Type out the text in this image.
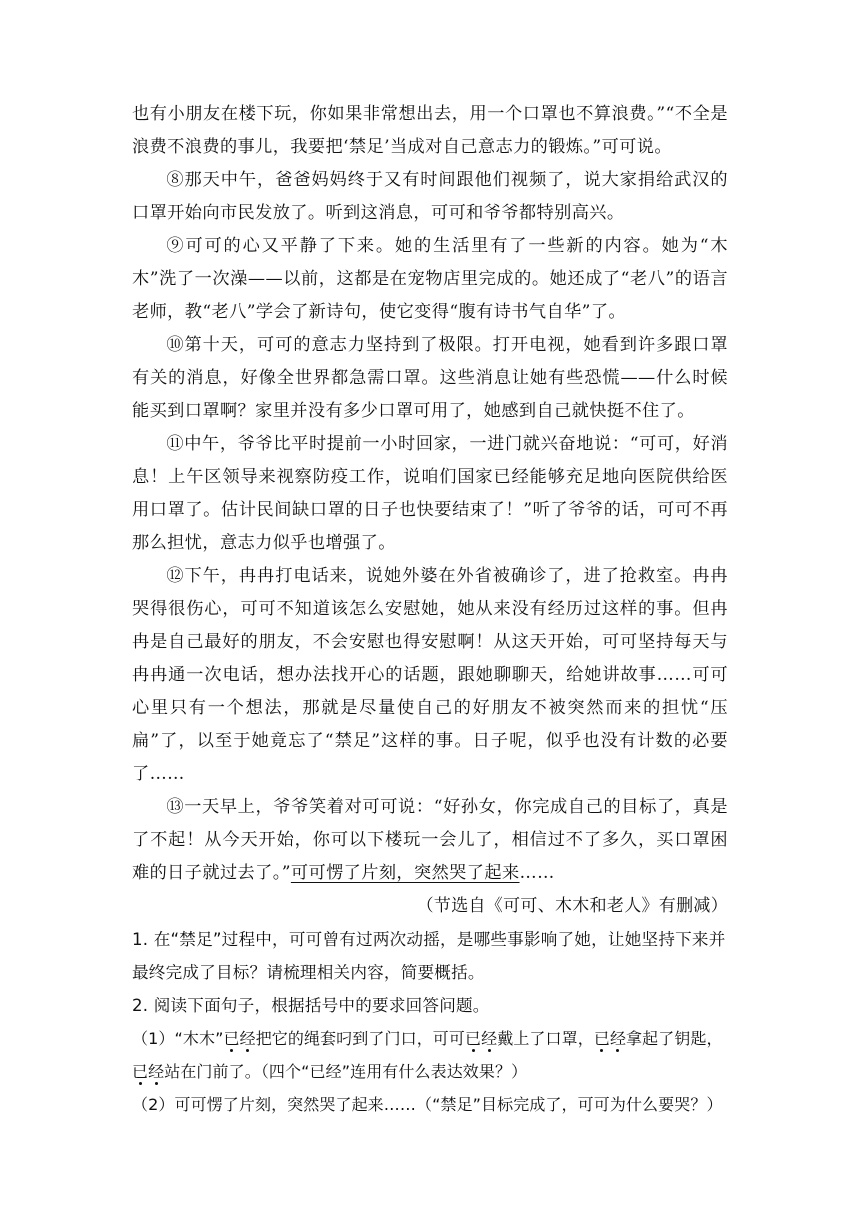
也有小朋友在楼下玩，你如果非常想出去，用一个口罩也不算浪费。”“不全是浪费不浪费的事儿，我要把‘禁足’当成对自己意志力的锻炼。”可可说。

⑧那天中午，爸爸妈妈终于又有时间跟他们视频了，说大家捐给武汉的口罩开始向市民发放了。听到这消息，可可和爷爷都特别高兴。

⑨可可的心又平静了下来。她的生活里有了一些新的内容。她为“木木”洗了一次澡——以前，这都是在宠物店里完成的。她还成了“老八”的语言老师，教“老八”学会了新诗句，使它变得“腹有诗书气自华”了。

⑩第十天，可可的意志力坚持到了极限。打开电视，她看到许多跟口罩有关的消息，好像全世界都急需口罩。这些消息让她有些恐慌——什么时候能买到口罩啊？家里并没有多少口罩可用了，她感到自己就快挺不住了。

⑪中午，爷爷比平时提前一小时回家，一进门就兴奋地说：“可可，好消息！上午区领导来视察防疫工作，说咱们国家已经能够充足地向医院供给医用口罩了。估计民间缺口罩的日子也快要结束了！”听了爷爷的话，可可不再那么担忧，意志力似乎也增强了。

⑫下午，冉冉打电话来，说她外婆在外省被确诊了，进了抢救室。冉冉哭得很伤心，可可不知道该怎么安慰她，她从来没有经历过这样的事。但冉冉是自己最好的朋友，不会安慰也得安慰啊！从这天开始，可可坚持每天与冉冉通一次电话，想办法找开心的话题，跟她聊聊天，给她讲故事……可可心里只有一个想法，那就是尽量使自己的好朋友不被突然而来的担忧“压扁”了，以至于她竟忘了“禁足”这样的事。日子呢，似乎也没有计数的必要了……

⑬一天早上，爷爷笑着对可可说：“好孙女，你完成自己的目标了，真是了不起！从今天开始，你可以下楼玩一会儿了，相信过不了多久，买口罩困难的日子就过去了。”可可愣了片刻，突然哭了起来……

（节选自《可可、木木和老人》有删减）

1. 在“禁足”过程中，可可曾有过两次动摇，是哪些事影响了她，让她坚持下来并最终完成了目标？请梳理相关内容，简要概括。

2. 阅读下面句子，根据括号中的要求回答问题。

（1）“木木”已经把它的绳套叼到了门口，可可已经戴上了口罩，已经拿起了钥匙，已经站在门前了。（四个“已经”连用有什么表达效果？）

（2）可可愣了片刻，突然哭了起来……（“禁足”目标完成了，可可为什么要哭？）
